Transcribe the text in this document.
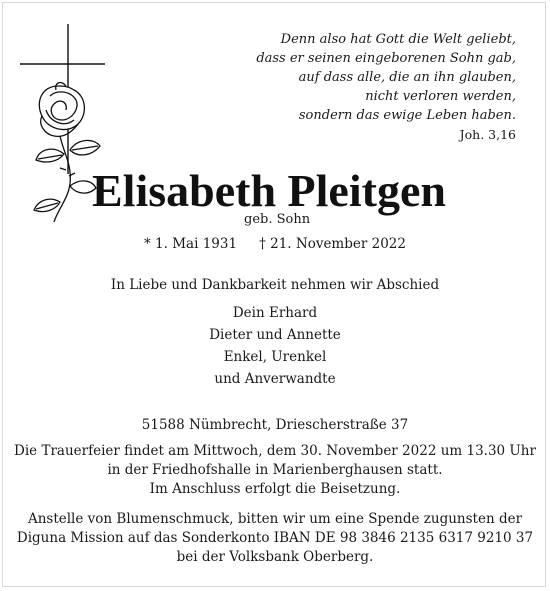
Denn also hat Gott die Welt geliebt,
dass er seinen eingeborenen Sohn gab,
auf dass alle, die an ihn glauben,
nicht verloren werden,
sondern das ewige Leben haben.
Joh. 3,16
Elisabeth Pleitgen
geb. Sohn
* 1. Mai 1931 † 21. November 2022
In Liebe und Dankbarkeit nehmen wir Abschied
Dein Erhard
Dieter und Annette
Enkel, Urenkel
und Anverwandte
51588 Nümbrecht, Driescherstraße 37
Die Trauerfeier findet am Mittwoch, dem 30. November 2022 um 13.30 Uhr
in der Friedhofshalle in Marienberghausen statt.
Im Anschluss erfolgt die Beisetzung.
Anstelle von Blumenschmuck, bitten wir um eine Spende zugunsten der
Diguna Mission auf das Sonderkonto IBAN DE 98 3846 2135 6317 9210 37
bei der Volksbank Oberberg.
